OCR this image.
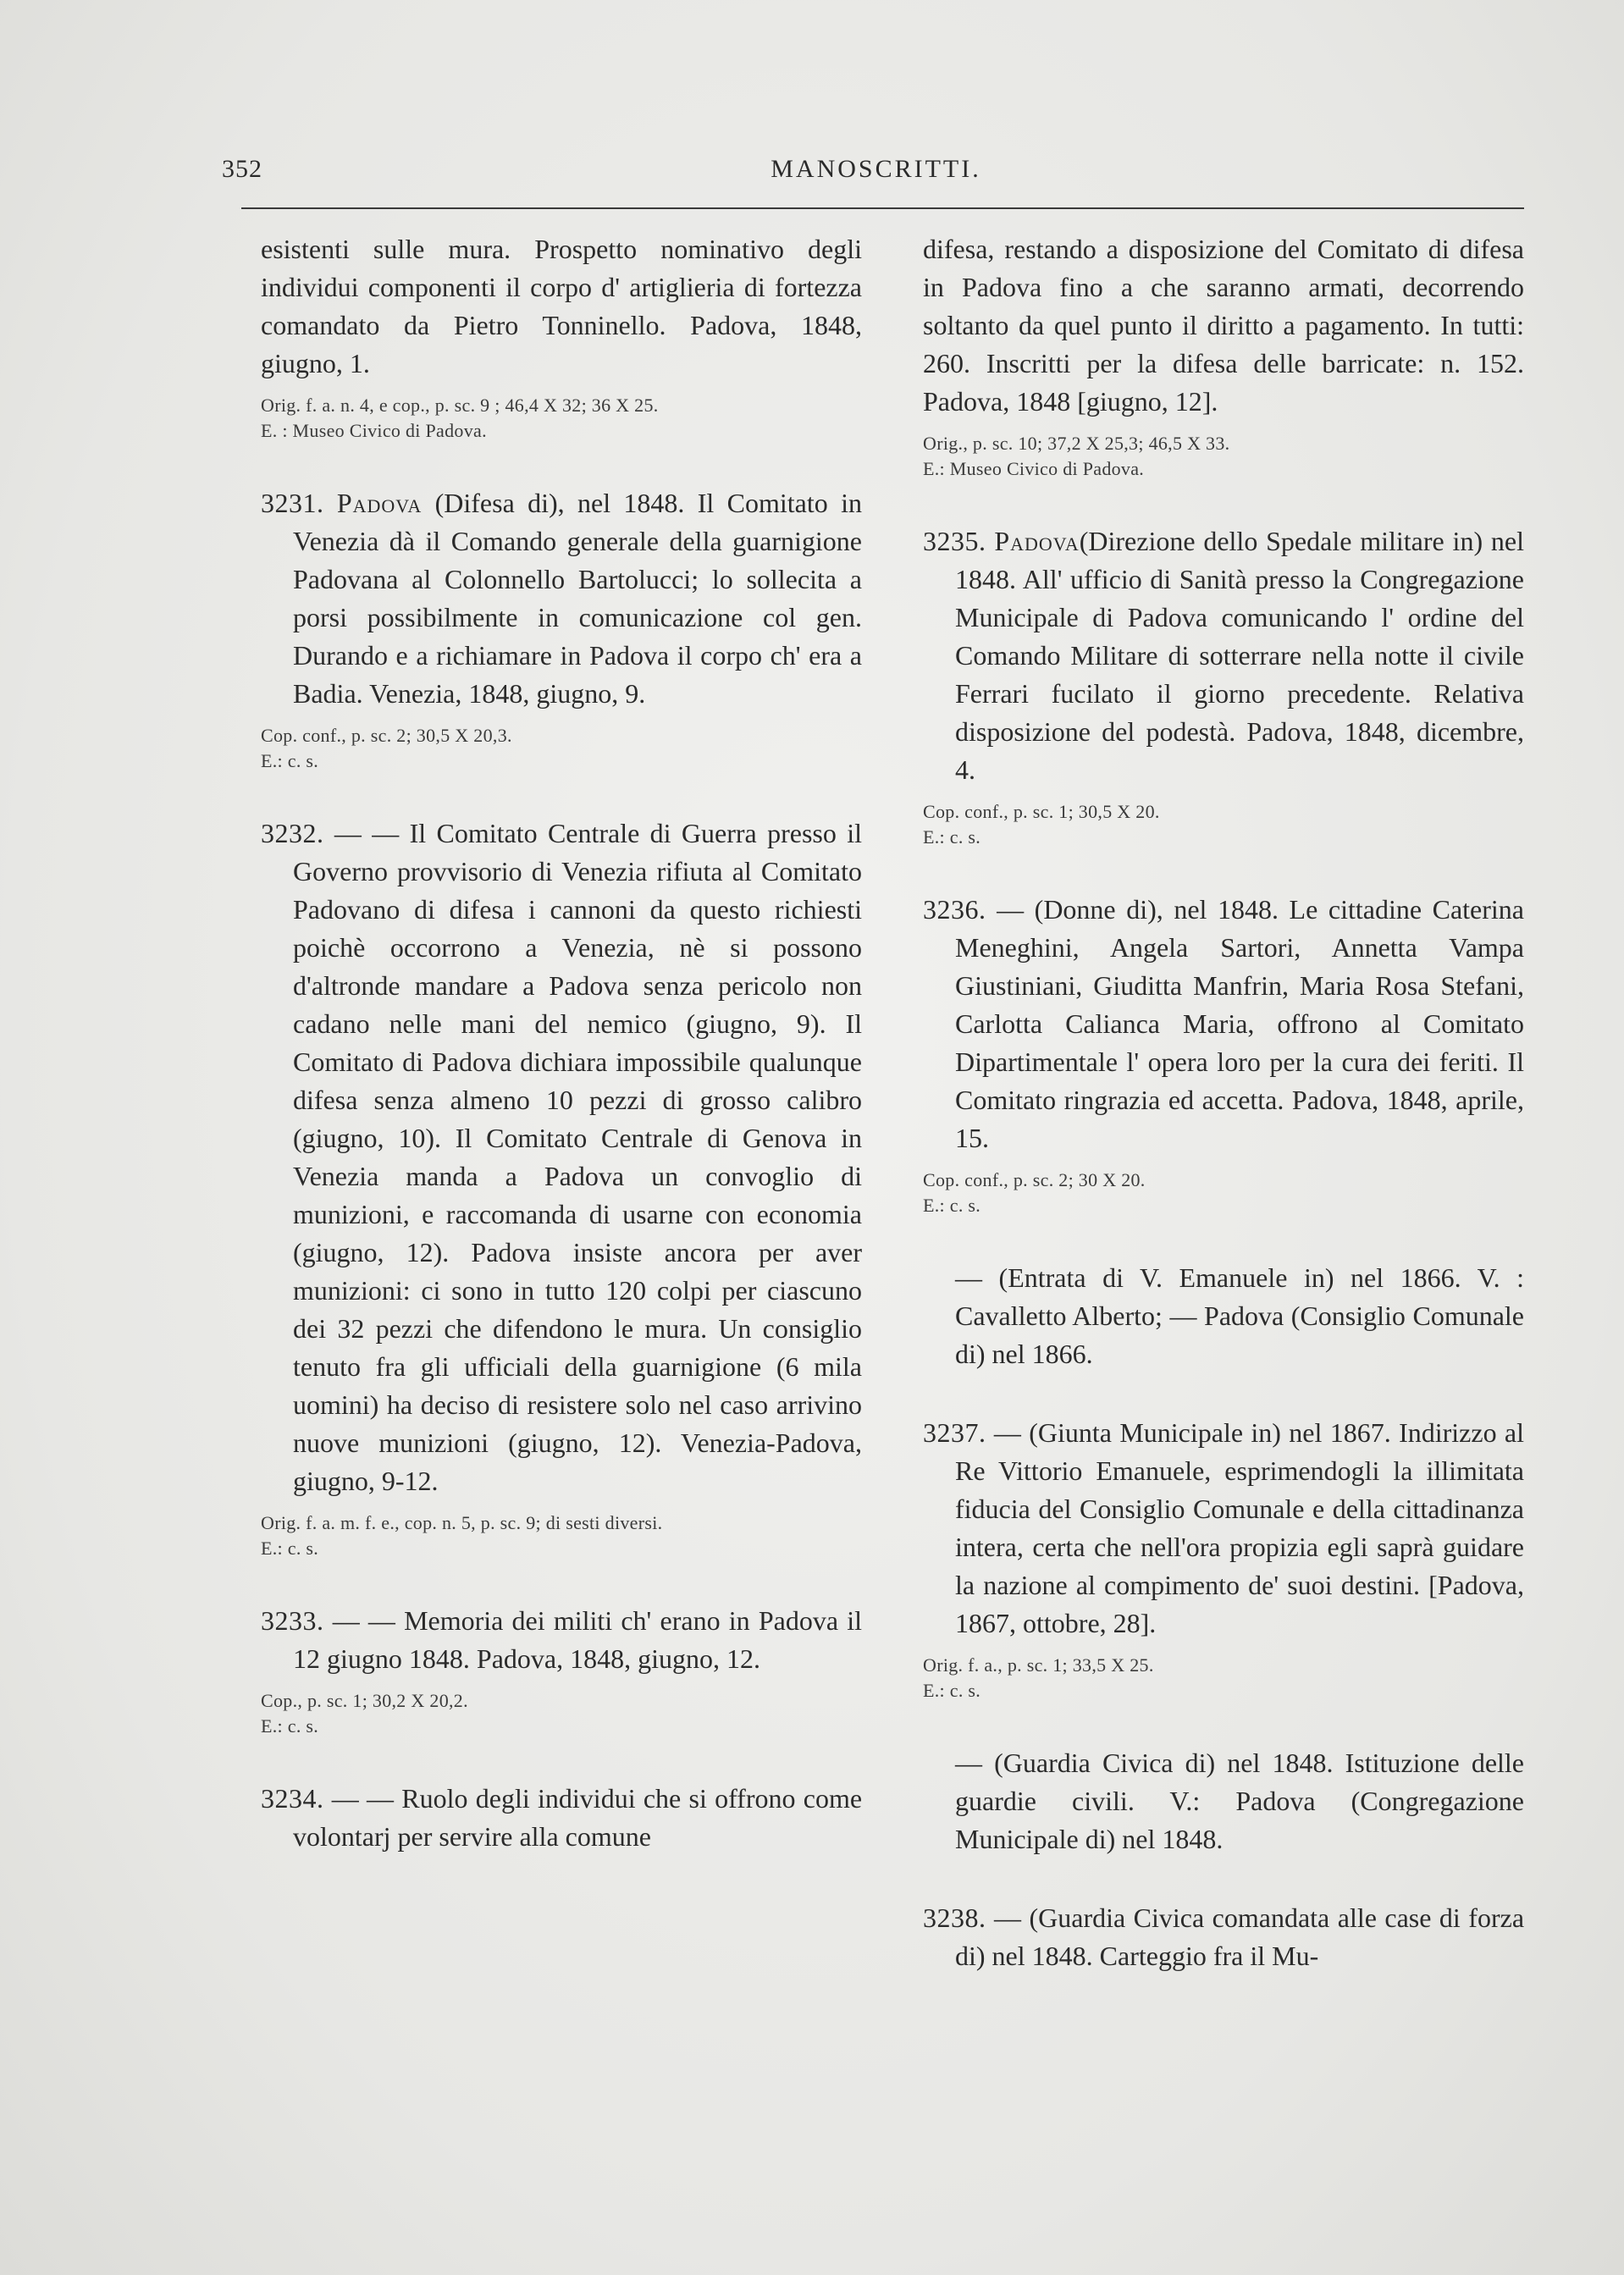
352	MANOSCRITTI.
esistenti sulle mura. Prospetto nominativo degli individui componenti il corpo d' artiglieria di fortezza comandato da Pietro Tonninello. Padova, 1848, giugno, 1.
Orig. f. a. n. 4, e cop., p. sc. 9 ; 46,4 X 32; 36 X 25.
E. : Museo Civico di Padova.
3231. Padova (Difesa di), nel 1848. Il Comitato in Venezia dà il Comando generale della guarnigione Padovana al Colonnello Bartolucci; lo sollecita a porsi possibilmente in comunicazione col gen. Durando e a richiamare in Padova il corpo ch' era a Badia. Venezia, 1848, giugno, 9.
Cop. conf., p. sc. 2; 30,5 X 20,3.
E.: c. s.
3232. — — Il Comitato Centrale di Guerra presso il Governo provvisorio di Venezia rifiuta al Comitato Padovano di difesa i cannoni da questo richiesti poichè occorrono a Venezia, nè si possono d'altronde mandare a Padova senza pericolo non cadano nelle mani del nemico (giugno, 9). Il Comitato di Padova dichiara impossibile qualunque difesa senza almeno 10 pezzi di grosso calibro (giugno, 10). Il Comitato Centrale di Genova in Venezia manda a Padova un convoglio di munizioni, e raccomanda di usarne con economia (giugno, 12). Padova insiste ancora per aver munizioni: ci sono in tutto 120 colpi per ciascuno dei 32 pezzi che difendono le mura. Un consiglio tenuto fra gli ufficiali della guarnigione (6 mila uomini) ha deciso di resistere solo nel caso arrivino nuove munizioni (giugno, 12). Venezia-Padova, giugno, 9-12.
Orig. f. a. m. f. e., cop. n. 5, p. sc. 9; di sesti diversi.
E.: c. s.
3233. — — Memoria dei militi ch' erano in Padova il 12 giugno 1848. Padova, 1848, giugno, 12.
Cop., p. sc. 1; 30,2 X 20,2.
E.: c. s.
3234. — — Ruolo degli individui che si offrono come volontarj per servire alla comune
difesa, restando a disposizione del Comitato di difesa in Padova fino a che saranno armati, decorrendo soltanto da quel punto il diritto a pagamento. In tutti: 260. Inscritti per la difesa delle barricate: n. 152. Padova, 1848 [giugno, 12].
Orig., p. sc. 10; 37,2 X 25,3; 46,5 X 33.
E.: Museo Civico di Padova.
3235. Padova(Direzione dello Spedale militare in) nel 1848. All' ufficio di Sanità presso la Congregazione Municipale di Padova comunicando l' ordine del Comando Militare di sotterrare nella notte il civile Ferrari fucilato il giorno precedente. Relativa disposizione del podestà. Padova, 1848, dicembre, 4.
Cop. conf., p. sc. 1; 30,5 X 20.
E.: c. s.
3236. — (Donne di), nel 1848. Le cittadine Caterina Meneghini, Angela Sartori, Annetta Vampa Giustiniani, Giuditta Manfrin, Maria Rosa Stefani, Carlotta Calianca Maria, offrono al Comitato Dipartimentale l' opera loro per la cura dei feriti. Il Comitato ringrazia ed accetta. Padova, 1848, aprile, 15.
Cop. conf., p. sc. 2; 30 X 20.
E.: c. s.
— (Entrata di V. Emanuele in) nel 1866. V. : Cavalletto Alberto; — Padova (Consiglio Comunale di) nel 1866.
3237. — (Giunta Municipale in) nel 1867. Indirizzo al Re Vittorio Emanuele, esprimendogli la illimitata fiducia del Consiglio Comunale e della cittadinanza intera, certa che nell'ora propizia egli saprà guidare la nazione al compimento de' suoi destini. [Padova, 1867, ottobre, 28].
Orig. f. a., p. sc. 1; 33,5 X 25.
E.: c. s.
— (Guardia Civica di) nel 1848. Istituzione delle guardie civili. V.: Padova (Congregazione Municipale di) nel 1848.
3238. — (Guardia Civica comandata alle case di forza di) nel 1848. Carteggio fra il Mu-
